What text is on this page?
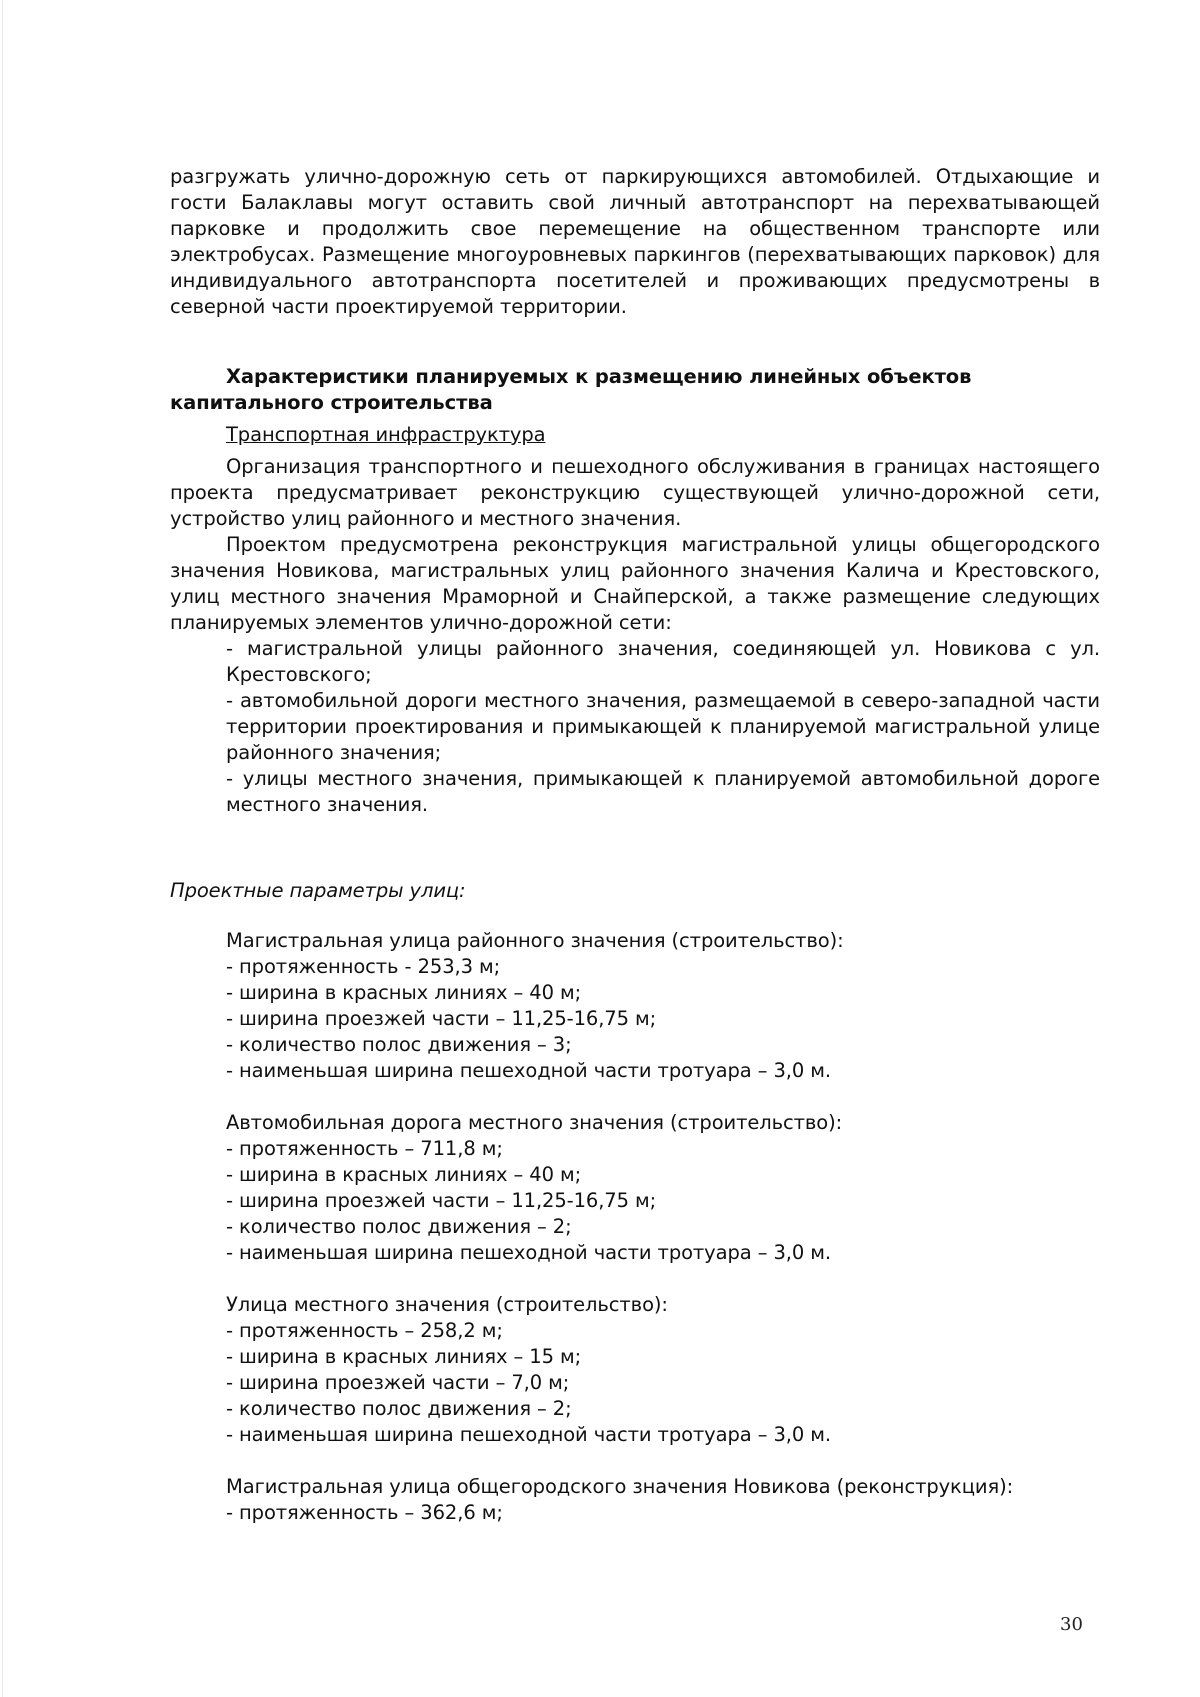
разгружать улично-дорожную сеть от паркирующихся автомобилей. Отдыхающие и гости Балаклавы могут оставить свой личный автотранспорт на перехватывающей парковке и продолжить свое перемещение на общественном транспорте или электробусах. Размещение многоуровневых паркингов (перехватывающих парковок) для индивидуального автотранспорта посетителей и проживающих предусмотрены в северной части проектируемой территории.

Характеристики планируемых к размещению линейных объектов капитального строительства

Транспортная инфраструктура

Организация транспортного и пешеходного обслуживания в границах настоящего проекта предусматривает реконструкцию существующей улично-дорожной сети, устройство улиц районного и местного значения.

Проектом предусмотрена реконструкция магистральной улицы общегородского значения Новикова, магистральных улиц районного значения Калича и Крестовского, улиц местного значения Мраморной и Снайперской, а также размещение следующих планируемых элементов улично-дорожной сети:

- магистральной улицы районного значения, соединяющей ул. Новикова с ул. Крестовского;

- автомобильной дороги местного значения, размещаемой в северо-западной части территории проектирования и примыкающей к планируемой магистральной улице районного значения;

- улицы местного значения, примыкающей к планируемой автомобильной дороге местного значения.

Проектные параметры улиц:

Магистральная улица районного значения (строительство):

- протяженность - 253,3 м;

- ширина в красных линиях – 40 м;

- ширина проезжей части – 11,25-16,75 м;

- количество полос движения – 3;

- наименьшая ширина пешеходной части тротуара – 3,0 м.

Автомобильная дорога местного значения (строительство):

- протяженность – 711,8 м;

- ширина в красных линиях – 40 м;

- ширина проезжей части – 11,25-16,75 м;

- количество полос движения – 2;

- наименьшая ширина пешеходной части тротуара – 3,0 м.

Улица местного значения (строительство):

- протяженность – 258,2 м;

- ширина в красных линиях – 15 м;

- ширина проезжей части – 7,0 м;

- количество полос движения – 2;

- наименьшая ширина пешеходной части тротуара – 3,0 м.

Магистральная улица общегородского значения Новикова (реконструкция):

- протяженность – 362,6 м;

30
